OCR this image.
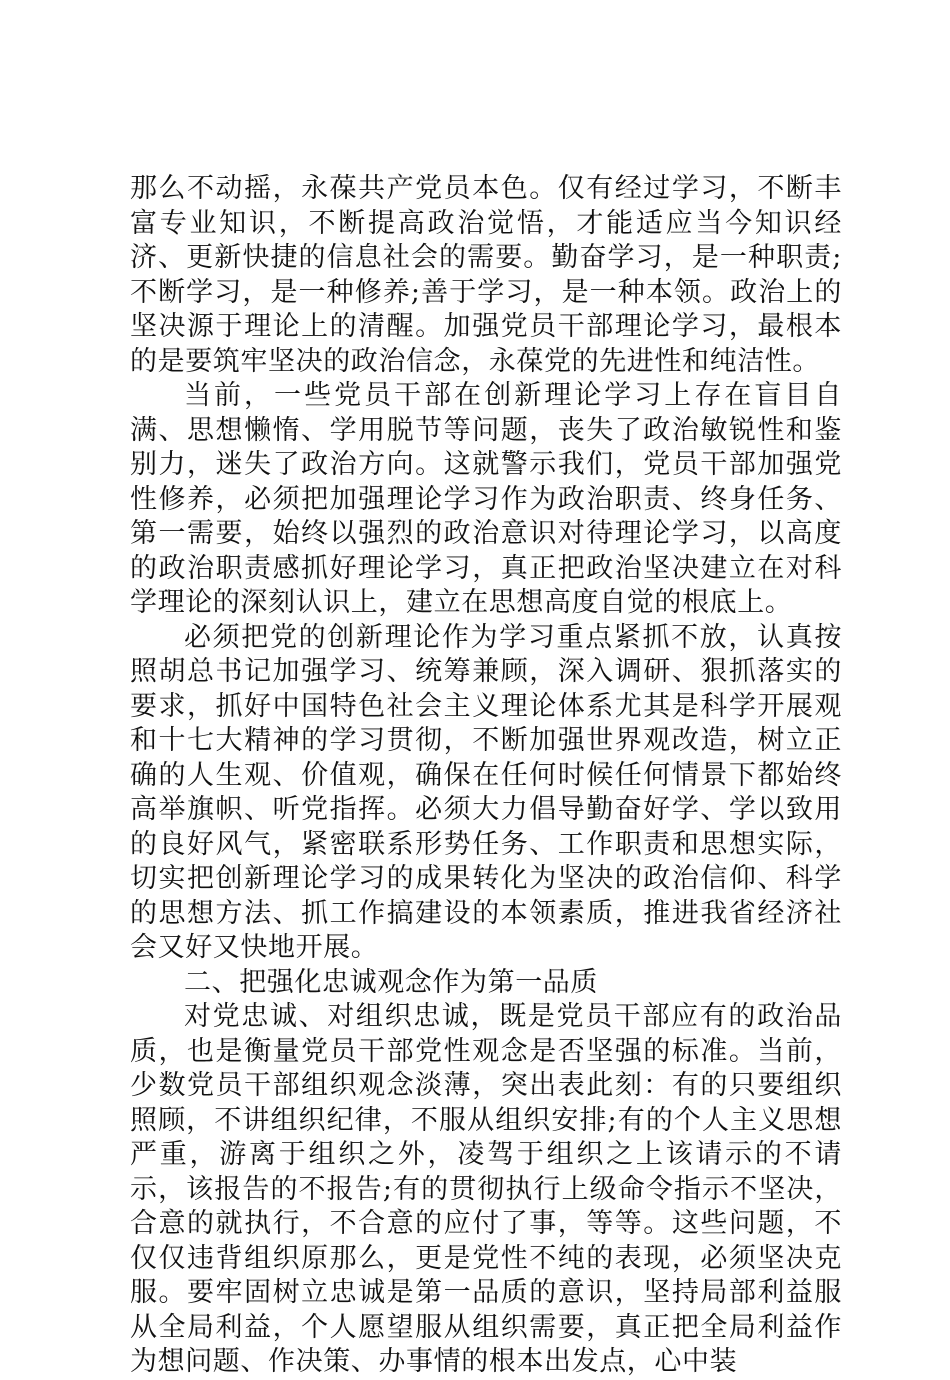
那么不动摇，永葆共产党员本色。仅有经过学习，不断丰富专业知识，不断提高政治觉悟，才能适应当今知识经济、更新快捷的信息社会的需要。勤奋学习，是一种职责;不断学习，是一种修养;善于学习，是一种本领。政治上的坚决源于理论上的清醒。加强党员干部理论学习，最根本的是要筑牢坚决的政治信念，永葆党的先进性和纯洁性。

当前，一些党员干部在创新理论学习上存在盲目自满、思想懒惰、学用脱节等问题，丧失了政治敏锐性和鉴别力，迷失了政治方向。这就警示我们，党员干部加强党性修养，必须把加强理论学习作为政治职责、终身任务、第一需要，始终以强烈的政治意识对待理论学习，以高度的政治职责感抓好理论学习，真正把政治坚决建立在对科学理论的深刻认识上，建立在思想高度自觉的根底上。

必须把党的创新理论作为学习重点紧抓不放，认真按照胡总书记加强学习、统筹兼顾，深入调研、狠抓落实的要求，抓好中国特色社会主义理论体系尤其是科学开展观和十七大精神的学习贯彻，不断加强世界观改造，树立正确的人生观、价值观，确保在任何时候任何情景下都始终高举旗帜、听党指挥。必须大力倡导勤奋好学、学以致用的良好风气，紧密联系形势任务、工作职责和思想实际，切实把创新理论学习的成果转化为坚决的政治信仰、科学的思想方法、抓工作搞建设的本领素质，推进我省经济社会又好又快地开展。

二、把强化忠诚观念作为第一品质

对党忠诚、对组织忠诚，既是党员干部应有的政治品质，也是衡量党员干部党性观念是否坚强的标准。当前，少数党员干部组织观念淡薄，突出表此刻：有的只要组织照顾，不讲组织纪律，不服从组织安排;有的个人主义思想严重，游离于组织之外，凌驾于组织之上该请示的不请示，该报告的不报告;有的贯彻执行上级命令指示不坚决，合意的就执行，不合意的应付了事，等等。这些问题，不仅仅违背组织原那么，更是党性不纯的表现，必须坚决克服。要牢固树立忠诚是第一品质的意识，坚持局部利益服从全局利益，个人愿望服从组织需要，真正把全局利益作为想问题、作决策、办事情的根本出发点，心中装
